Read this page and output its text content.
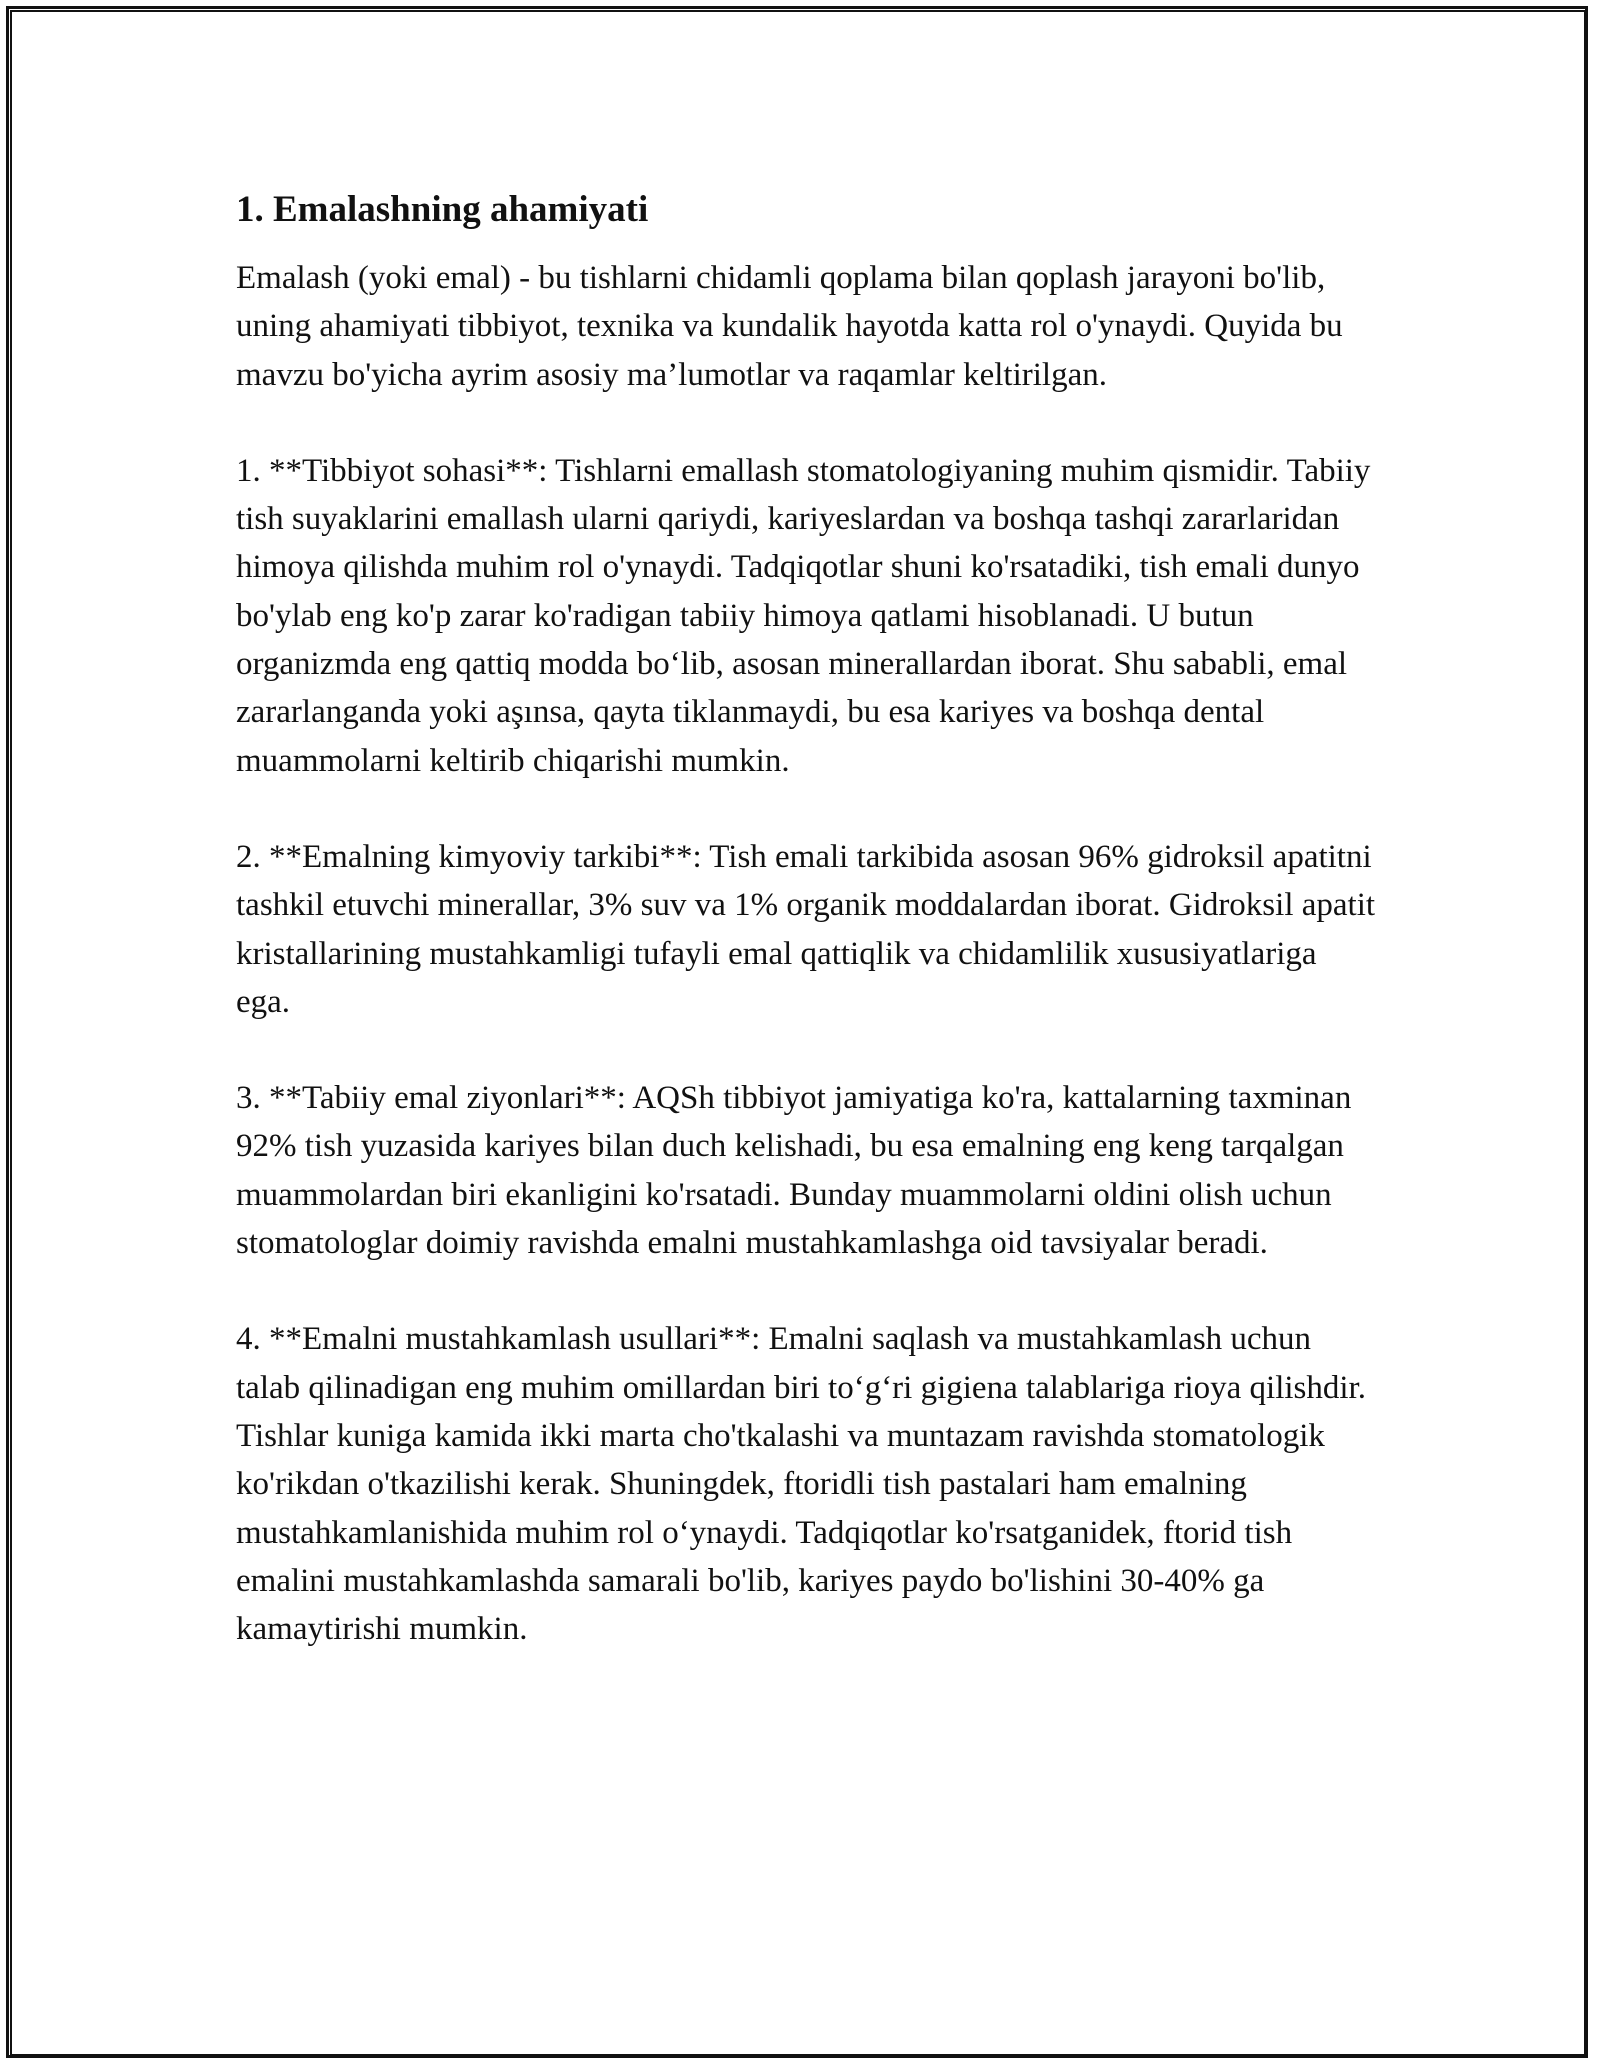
1. Emalashning ahamiyati

Emalash (yoki emal) - bu tishlarni chidamli qoplama bilan qoplash jarayoni bo'lib, uning ahamiyati tibbiyot, texnika va kundalik hayotda katta rol o'ynaydi. Quyida bu mavzu bo'yicha ayrim asosiy ma’lumotlar va raqamlar keltirilgan.

1. **Tibbiyot sohasi**: Tishlarni emallash stomatologiyaning muhim qismidir. Tabiiy tish suyaklarini emallash ularni qariydi, kariyeslardan va boshqa tashqi zararlaridan himoya qilishda muhim rol o'ynaydi. Tadqiqotlar shuni ko'rsatadiki, tish emali dunyo bo'ylab eng ko'p zarar ko'radigan tabiiy himoya qatlami hisoblanadi. U butun organizmda eng qattiq modda bo‘lib, asosan minerallardan iborat. Shu sababli, emal zararlanganda yoki aşınsa, qayta tiklanmaydi, bu esa kariyes va boshqa dental muammolarni keltirib chiqarishi mumkin.

2. **Emalning kimyoviy tarkibi**: Tish emali tarkibida asosan 96% gidroksil apatitni tashkil etuvchi minerallar, 3% suv va 1% organik moddalardan iborat. Gidroksil apatit kristallarining mustahkamligi tufayli emal qattiqlik va chidamlilik xususiyatlariga ega.

3. **Tabiiy emal ziyonlari**: AQSh tibbiyot jamiyatiga ko'ra, kattalarning taxminan 92% tish yuzasida kariyes bilan duch kelishadi, bu esa emalning eng keng tarqalgan muammolardan biri ekanligini ko'rsatadi. Bunday muammolarni oldini olish uchun stomatologlar doimiy ravishda emalni mustahkamlashga oid tavsiyalar beradi.

4. **Emalni mustahkamlash usullari**: Emalni saqlash va mustahkamlash uchun talab qilinadigan eng muhim omillardan biri to‘g‘ri gigiena talablariga rioya qilishdir. Tishlar kuniga kamida ikki marta cho'tkalashi va muntazam ravishda stomatologik ko'rikdan o'tkazilishi kerak. Shuningdek, ftoridli tish pastalari ham emalning mustahkamlanishida muhim rol o‘ynaydi. Tadqiqotlar ko'rsatganidek, ftorid tish emalini mustahkamlashda samarali bo'lib, kariyes paydo bo'lishini 30-40% ga kamaytirishi mumkin.
